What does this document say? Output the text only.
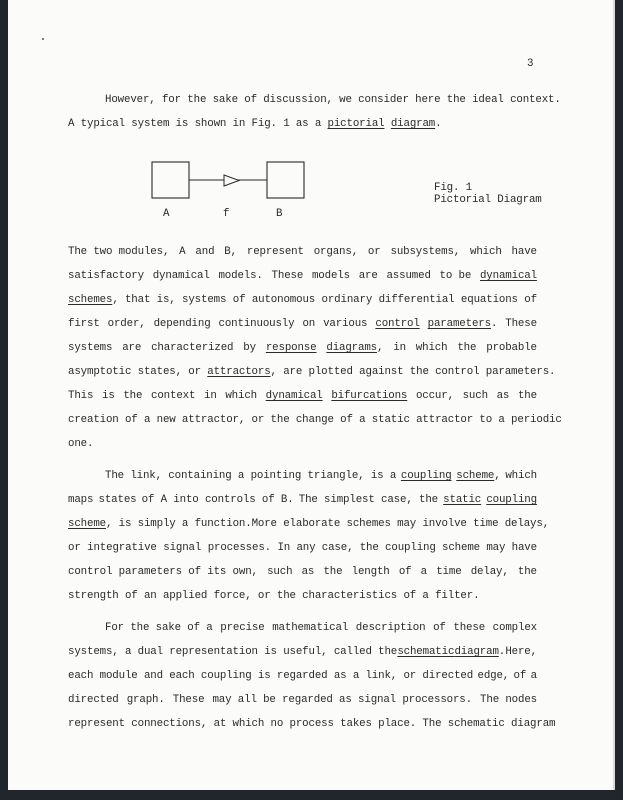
3
However, for the sake of discussion, we consider here the ideal context.
A typical system is shown in Fig. 1 as a pictorial diagram.
A	f	B
Fig. 1
Pictorial Diagram
The two modules, A and B, represent organs, or subsystems, which have
satisfactory dynamical models. These models are assumed to be dynamical
schemes, that is, systems of autonomous ordinary differential equations of
first order, depending continuously on various control parameters. These
systems are characterized by response diagrams, in which the probable
asymptotic states, or attractors, are plotted against the control parameters.
This is the context in which dynamical bifurcations occur, such as the
creation of a new attractor, or the change of a static attractor to a periodic
one.
The link, containing a pointing triangle, is a coupling scheme, which
maps states of A into controls of B. The simplest case, the static coupling
scheme, is simply a function. More elaborate schemes may involve time delays,
or integrative signal processes. In any case, the coupling scheme may have
control parameters of its own, such as the length of a time delay, the
strength of an applied force, or the characteristics of a filter.
For the sake of a precise mathematical description of these complex
systems, a dual representation is useful, called the schematic diagram. Here,
each module and each coupling is regarded as a link, or directed edge, of a
directed graph. These may all be regarded as signal processors. The nodes
represent connections, at which no process takes place. The schematic diagram
